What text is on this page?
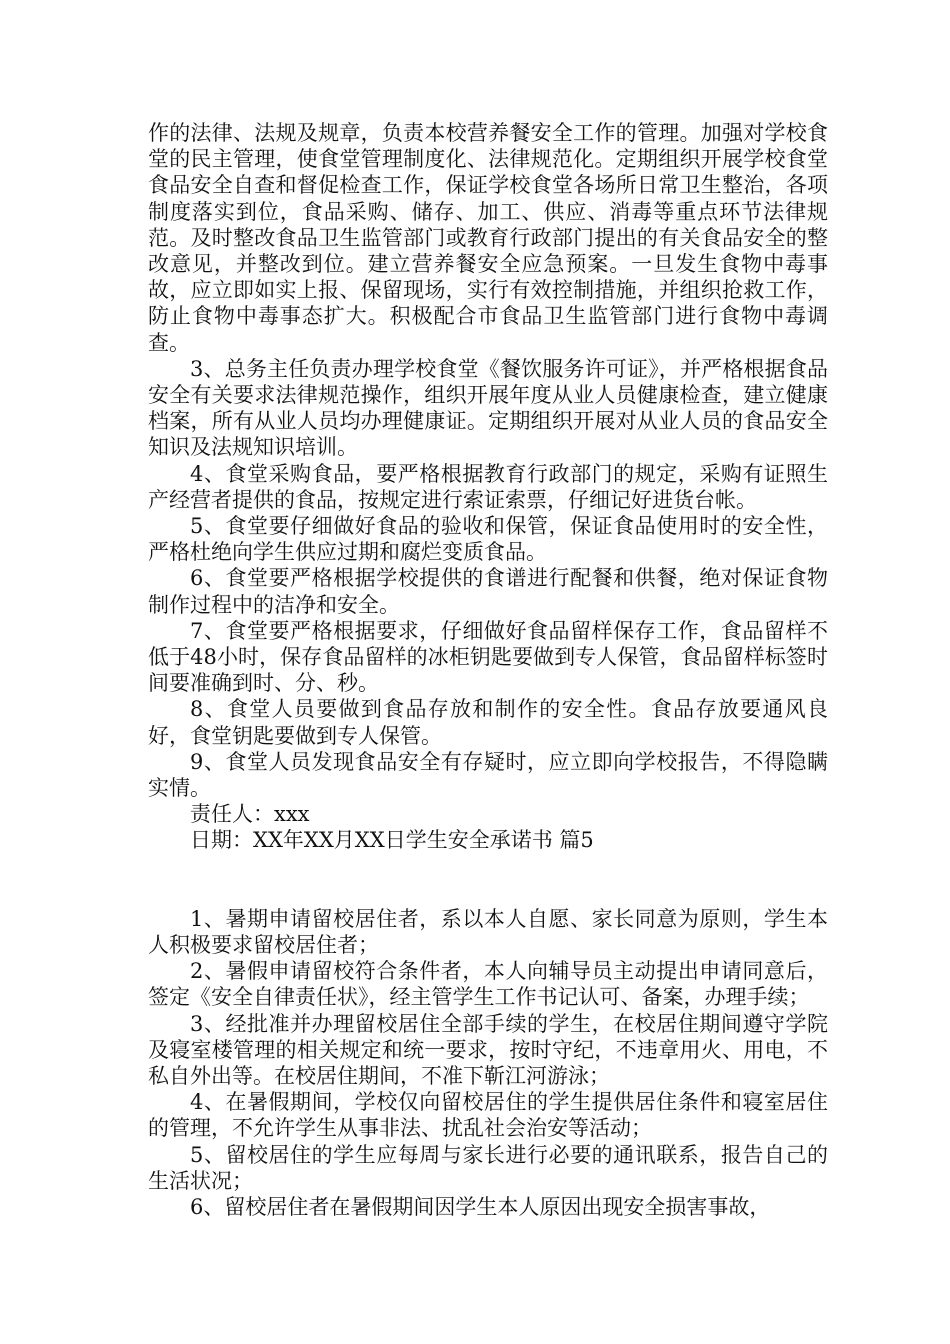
作的法律、法规及规章，负责本校营养餐安全工作的管理。加强对学校食堂的民主管理，使食堂管理制度化、法律规范化。定期组织开展学校食堂食品安全自查和督促检查工作，保证学校食堂各场所日常卫生整治，各项制度落实到位，食品采购、储存、加工、供应、消毒等重点环节法律规范。及时整改食品卫生监管部门或教育行政部门提出的有关食品安全的整改意见，并整改到位。建立营养餐安全应急预案。一旦发生食物中毒事故，应立即如实上报、保留现场，实行有效控制措施，并组织抢救工作，防止食物中毒事态扩大。积极配合市食品卫生监管部门进行食物中毒调查。

3、总务主任负责办理学校食堂《餐饮服务许可证》，并严格根据食品安全有关要求法律规范操作，组织开展年度从业人员健康检查，建立健康档案，所有从业人员均办理健康证。定期组织开展对从业人员的食品安全知识及法规知识培训。

4、食堂采购食品，要严格根据教育行政部门的规定，采购有证照生产经营者提供的食品，按规定进行索证索票，仔细记好进货台帐。

5、食堂要仔细做好食品的验收和保管，保证食品使用时的安全性，严格杜绝向学生供应过期和腐烂变质食品。

6、食堂要严格根据学校提供的食谱进行配餐和供餐，绝对保证食物制作过程中的洁净和安全。

7、食堂要严格根据要求，仔细做好食品留样保存工作，食品留样不低于48小时，保存食品留样的冰柜钥匙要做到专人保管，食品留样标签时间要准确到时、分、秒。

8、食堂人员要做到食品存放和制作的安全性。食品存放要通风良好，食堂钥匙要做到专人保管。

9、食堂人员发现食品安全有存疑时，应立即向学校报告，不得隐瞒实情。

责任人：xxx

日期：XX年XX月XX日学生安全承诺书 篇5

1、暑期申请留校居住者，系以本人自愿、家长同意为原则，学生本人积极要求留校居住者；

2、暑假申请留校符合条件者，本人向辅导员主动提出申请同意后，签定《安全自律责任状》，经主管学生工作书记认可、备案，办理手续；

3、经批准并办理留校居住全部手续的学生，在校居住期间遵守学院及寝室楼管理的相关规定和统一要求，按时守纪，不违章用火、用电，不私自外出等。在校居住期间，不准下靳江河游泳；

4、在暑假期间，学校仅向留校居住的学生提供居住条件和寝室居住的管理，不允许学生从事非法、扰乱社会治安等活动；

5、留校居住的学生应每周与家长进行必要的通讯联系，报告自己的生活状况；

6、留校居住者在暑假期间因学生本人原因出现安全损害事故，
